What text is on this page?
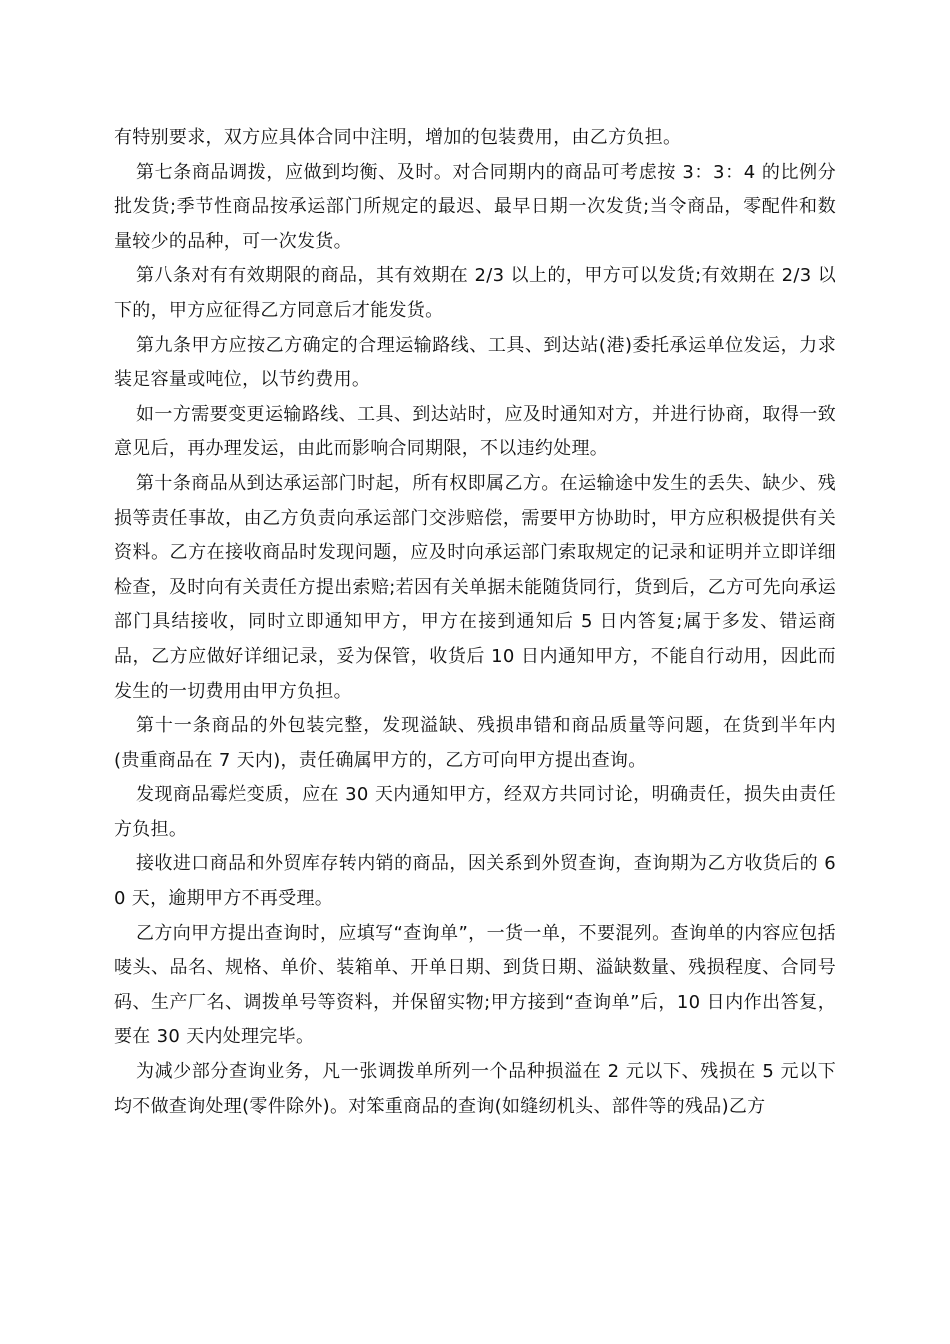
有特别要求，双方应具体合同中注明，增加的包装费用，由乙方负担。

第七条商品调拨，应做到均衡、及时。对合同期内的商品可考虑按 3：3：4 的比例分批发货;季节性商品按承运部门所规定的最迟、最早日期一次发货;当令商品，零配件和数量较少的品种，可一次发货。

第八条对有有效期限的商品，其有效期在 2/3 以上的，甲方可以发货;有效期在 2/3 以下的，甲方应征得乙方同意后才能发货。

第九条甲方应按乙方确定的合理运输路线、工具、到达站(港)委托承运单位发运，力求装足容量或吨位，以节约费用。

如一方需要变更运输路线、工具、到达站时，应及时通知对方，并进行协商，取得一致意见后，再办理发运，由此而影响合同期限，不以违约处理。

第十条商品从到达承运部门时起，所有权即属乙方。在运输途中发生的丢失、缺少、残损等责任事故，由乙方负责向承运部门交涉赔偿，需要甲方协助时，甲方应积极提供有关资料。乙方在接收商品时发现问题，应及时向承运部门索取规定的记录和证明并立即详细检查，及时向有关责任方提出索赔;若因有关单据未能随货同行，货到后，乙方可先向承运部门具结接收，同时立即通知甲方，甲方在接到通知后 5 日内答复;属于多发、错运商品，乙方应做好详细记录，妥为保管，收货后 10 日内通知甲方，不能自行动用，因此而发生的一切费用由甲方负担。

第十一条商品的外包装完整，发现溢缺、残损串错和商品质量等问题，在货到半年内(贵重商品在 7 天内)，责任确属甲方的，乙方可向甲方提出查询。

发现商品霉烂变质，应在 30 天内通知甲方，经双方共同讨论，明确责任，损失由责任方负担。

接收进口商品和外贸库存转内销的商品，因关系到外贸查询，查询期为乙方收货后的 60 天，逾期甲方不再受理。

乙方向甲方提出查询时，应填写“查询单”，一货一单，不要混列。查询单的内容应包括唛头、品名、规格、单价、装箱单、开单日期、到货日期、溢缺数量、残损程度、合同号码、生产厂名、调拨单号等资料，并保留实物;甲方接到“查询单”后，10 日内作出答复，要在 30 天内处理完毕。

为减少部分查询业务，凡一张调拨单所列一个品种损溢在 2 元以下、残损在 5 元以下均不做查询处理(零件除外)。对笨重商品的查询(如缝纫机头、部件等的残品)乙方
